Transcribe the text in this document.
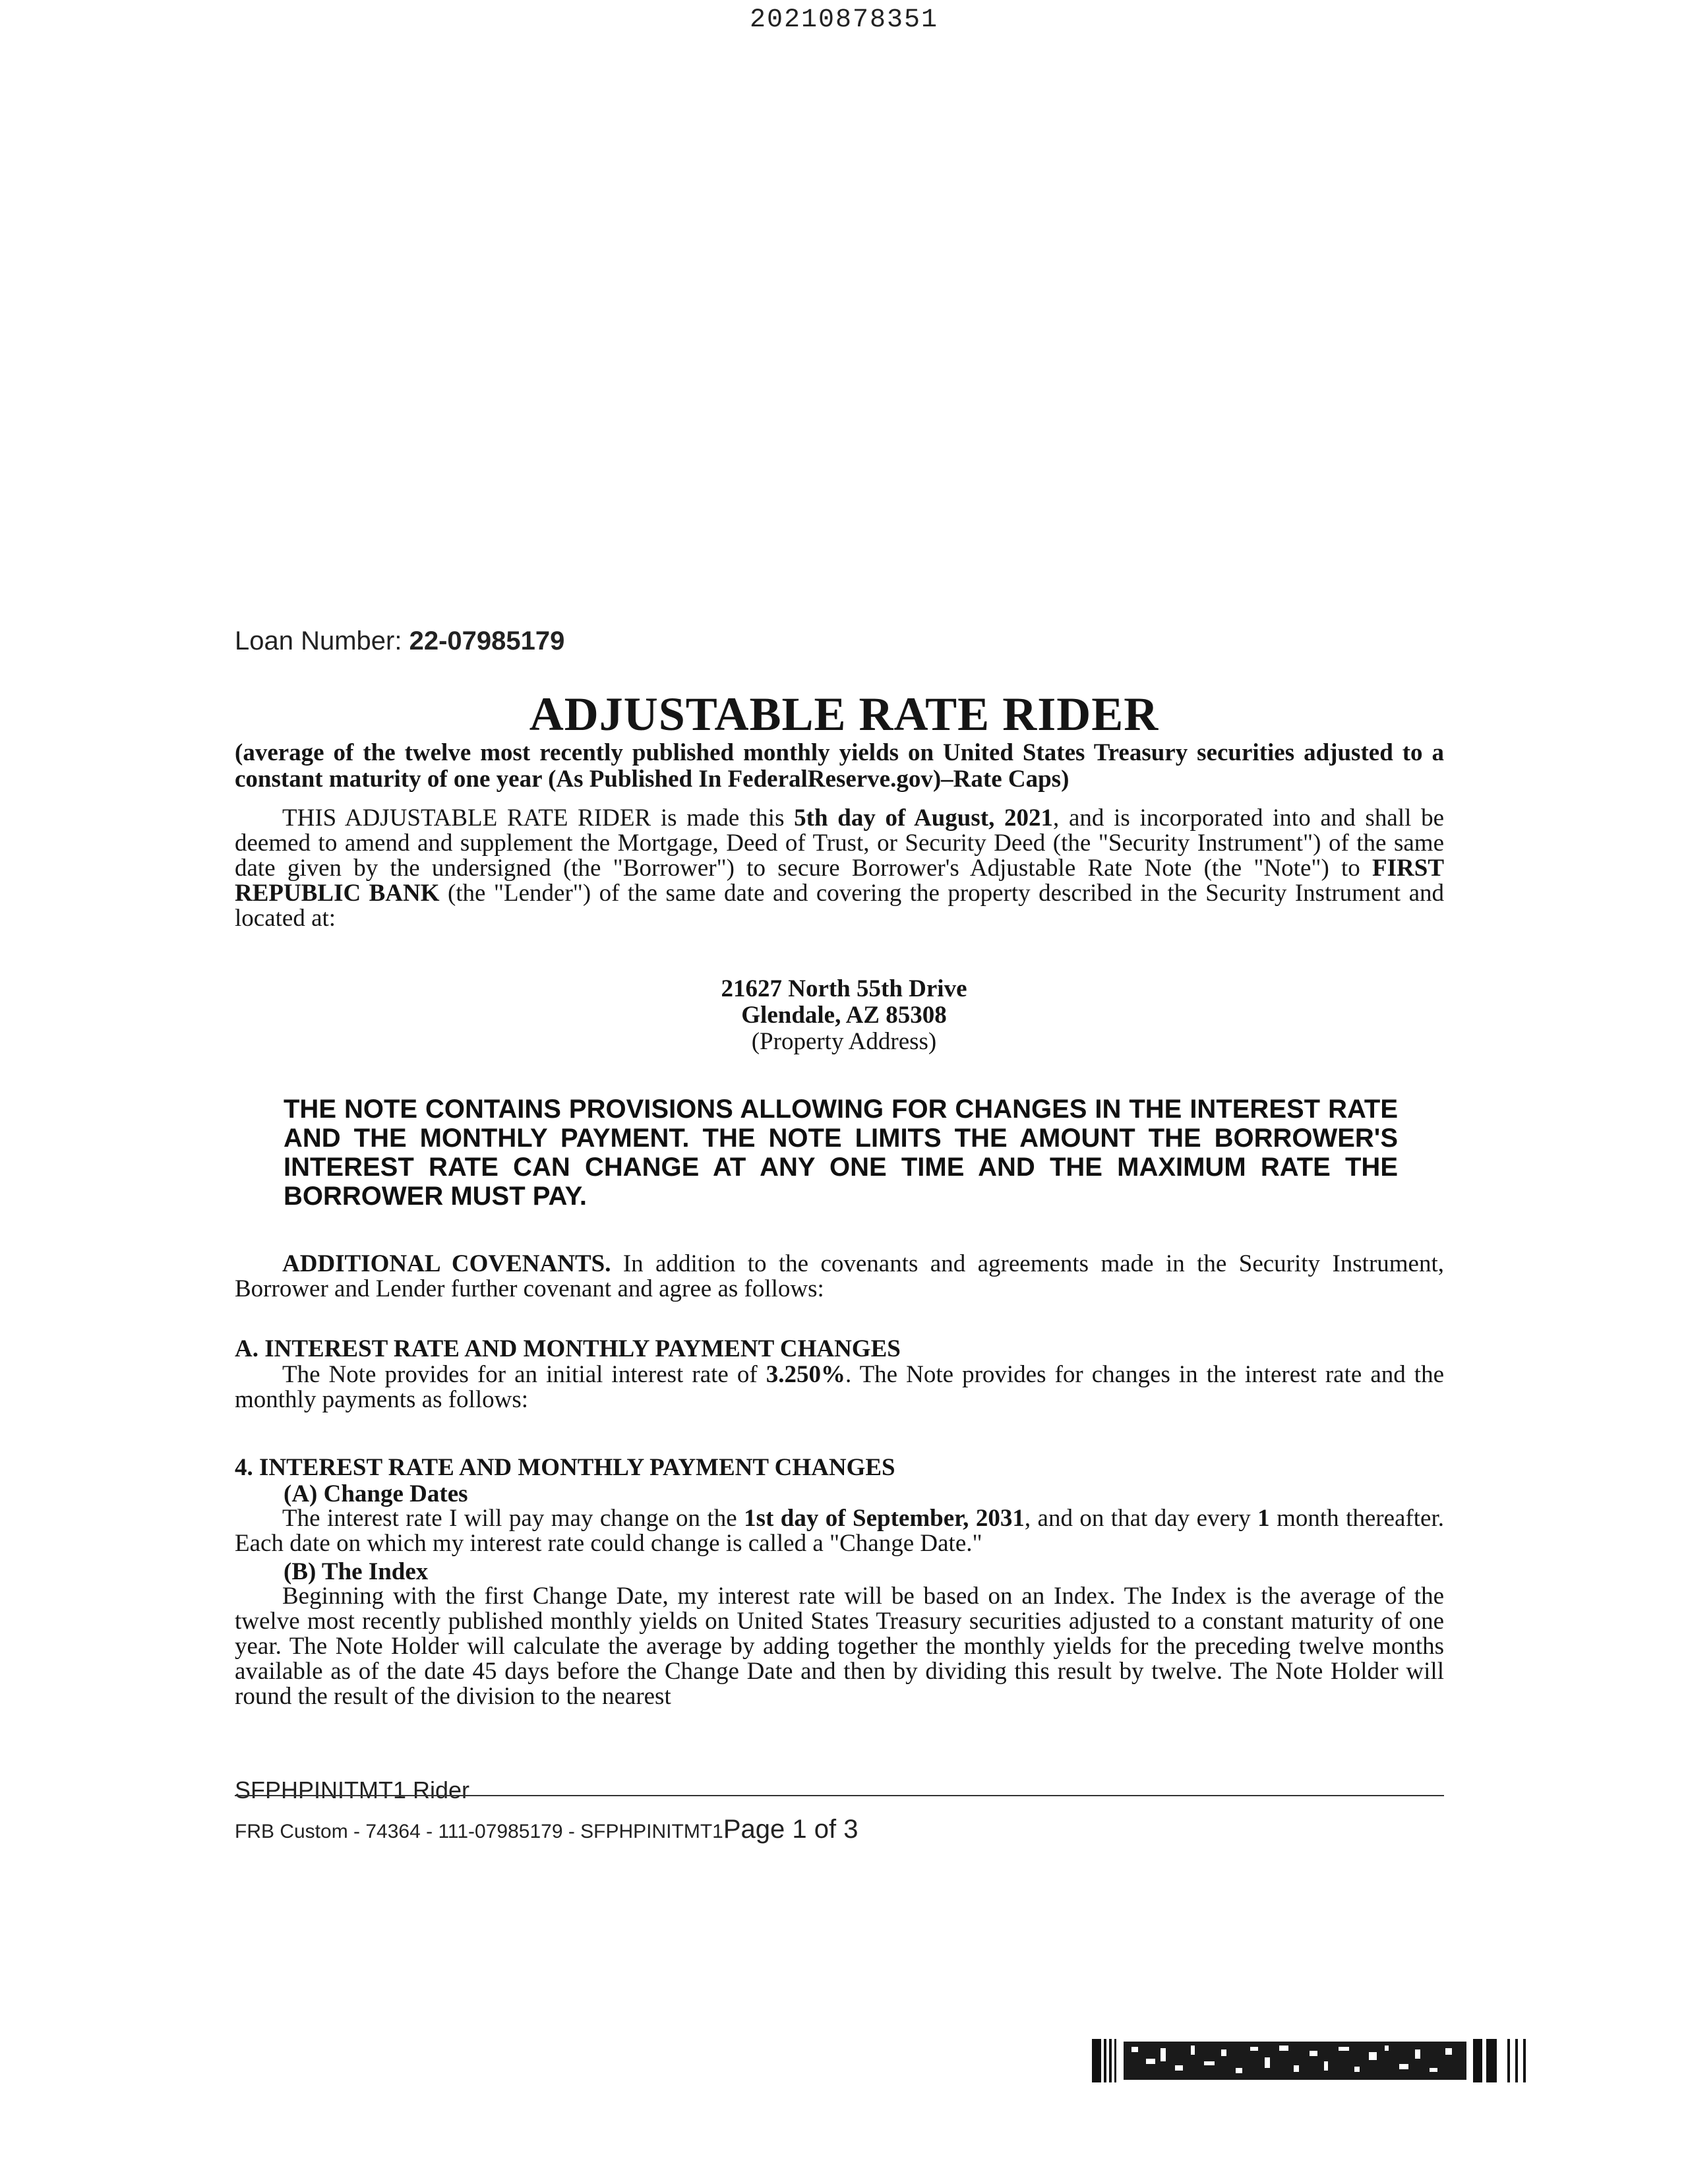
20210878351
Loan Number: 22-07985179
ADJUSTABLE RATE RIDER
(average of the twelve most recently published monthly yields on United States Treasury securities adjusted to a constant maturity of one year (As Published In FederalReserve.gov)–Rate Caps)
THIS ADJUSTABLE RATE RIDER is made this 5th day of August, 2021, and is incorporated into and shall be deemed to amend and supplement the Mortgage, Deed of Trust, or Security Deed (the "Security Instrument") of the same date given by the undersigned (the "Borrower") to secure Borrower's Adjustable Rate Note (the "Note") to FIRST REPUBLIC BANK (the "Lender") of the same date and covering the property described in the Security Instrument and located at:
21627 North 55th Drive
Glendale, AZ 85308
(Property Address)
THE NOTE CONTAINS PROVISIONS ALLOWING FOR CHANGES IN THE INTEREST RATE AND THE MONTHLY PAYMENT. THE NOTE LIMITS THE AMOUNT THE BORROWER'S INTEREST RATE CAN CHANGE AT ANY ONE TIME AND THE MAXIMUM RATE THE BORROWER MUST PAY.
ADDITIONAL COVENANTS. In addition to the covenants and agreements made in the Security Instrument, Borrower and Lender further covenant and agree as follows:
A. INTEREST RATE AND MONTHLY PAYMENT CHANGES
The Note provides for an initial interest rate of 3.250%. The Note provides for changes in the interest rate and the monthly payments as follows:
4. INTEREST RATE AND MONTHLY PAYMENT CHANGES
(A) Change Dates
The interest rate I will pay may change on the 1st day of September, 2031, and on that day every 1 month thereafter. Each date on which my interest rate could change is called a "Change Date."
(B) The Index
Beginning with the first Change Date, my interest rate will be based on an Index. The Index is the average of the twelve most recently published monthly yields on United States Treasury securities adjusted to a constant maturity of one year. The Note Holder will calculate the average by adding together the monthly yields for the preceding twelve months available as of the date 45 days before the Change Date and then by dividing this result by twelve. The Note Holder will round the result of the division to the nearest
SFPHPINITMT1 Rider
FRB Custom - 74364 - 111-07985179 - SFPHPINITMT1Page 1 of 3
